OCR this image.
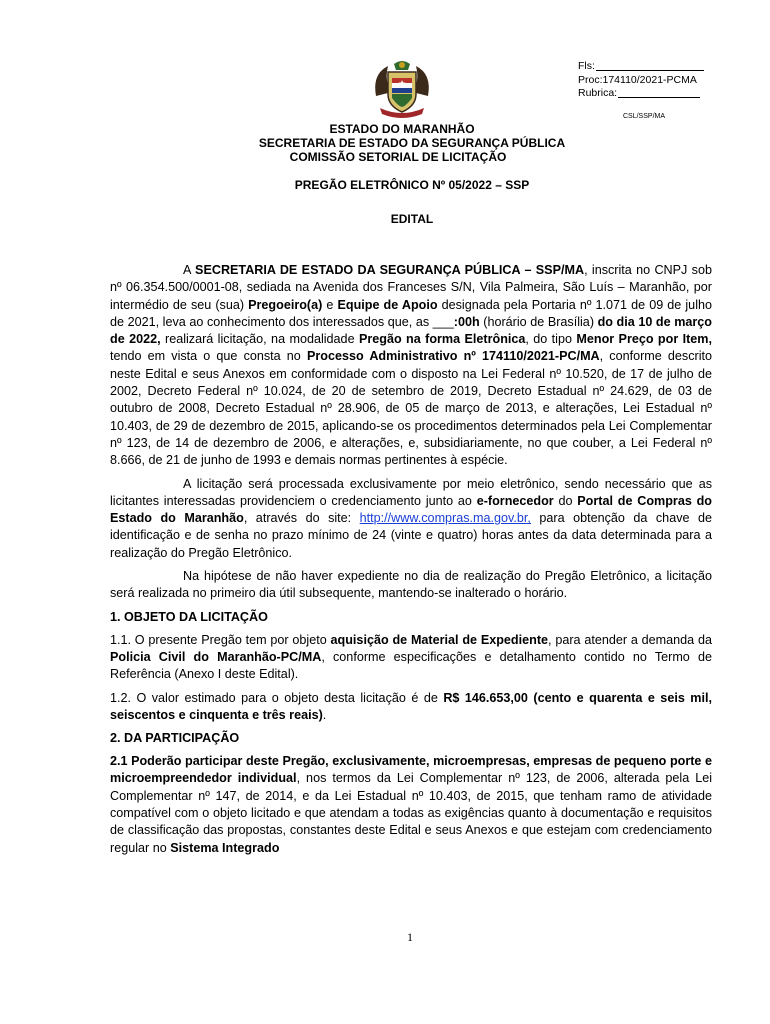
Fls:
Proc:174110/2021-PCMA
Rubrica:
CSL/SSP/MA
ESTADO DO MARANHÃO
SECRETARIA DE ESTADO DA SEGURANÇA PÚBLICA
COMISSÃO SETORIAL DE LICITAÇÃO
PREGÃO ELETRÔNICO Nº 05/2022 – SSP
EDITAL

A SECRETARIA DE ESTADO DA SEGURANÇA PÚBLICA – SSP/MA, inscrita no CNPJ sob nº 06.354.500/0001-08, sediada na Avenida dos Franceses S/N, Vila Palmeira, São Luís – Maranhão, por intermédio de seu (sua) Pregoeiro(a) e Equipe de Apoio designada pela Portaria nº 1.071 de 09 de julho de 2021, leva ao conhecimento dos interessados que, as ___:00h (horário de Brasília) do dia 10 de março de 2022, realizará licitação, na modalidade Pregão na forma Eletrônica, do tipo Menor Preço por Item, tendo em vista o que consta no Processo Administrativo nº 174110/2021-PC/MA, conforme descrito neste Edital e seus Anexos em conformidade com o disposto na Lei Federal nº 10.520, de 17 de julho de 2002, Decreto Federal nº 10.024, de 20 de setembro de 2019, Decreto Estadual nº 24.629, de 03 de outubro de 2008, Decreto Estadual nº 28.906, de 05 de março de 2013, e alterações, Lei Estadual nº 10.403, de 29 de dezembro de 2015, aplicando-se os procedimentos determinados pela Lei Complementar nº 123, de 14 de dezembro de 2006, e alterações, e, subsidiariamente, no que couber, a Lei Federal nº 8.666, de 21 de junho de 1993 e demais normas pertinentes à espécie.

A licitação será processada exclusivamente por meio eletrônico, sendo necessário que as licitantes interessadas providenciem o credenciamento junto ao e-fornecedor do Portal de Compras do Estado do Maranhão, através do site: http://www.compras.ma.gov.br, para obtenção da chave de identificação e de senha no prazo mínimo de 24 (vinte e quatro) horas antes da data determinada para a realização do Pregão Eletrônico.

Na hipótese de não haver expediente no dia de realização do Pregão Eletrônico, a licitação será realizada no primeiro dia útil subsequente, mantendo-se inalterado o horário.

1. OBJETO DA LICITAÇÃO

1.1. O presente Pregão tem por objeto aquisição de Material de Expediente, para atender a demanda da Policia Civil do Maranhão-PC/MA, conforme especificações e detalhamento contido no Termo de Referência (Anexo I deste Edital).

1.2. O valor estimado para o objeto desta licitação é de R$ 146.653,00 (cento e quarenta e seis mil, seiscentos e cinquenta e três reais).

2. DA PARTICIPAÇÃO

2.1 Poderão participar deste Pregão, exclusivamente, microempresas, empresas de pequeno porte e microempreendedor individual, nos termos da Lei Complementar nº 123, de 2006, alterada pela Lei Complementar nº 147, de 2014, e da Lei Estadual nº 10.403, de 2015, que tenham ramo de atividade compatível com o objeto licitado e que atendam a todas as exigências quanto à documentação e requisitos de classificação das propostas, constantes deste Edital e seus Anexos e que estejam com credenciamento regular no Sistema Integrado

1
